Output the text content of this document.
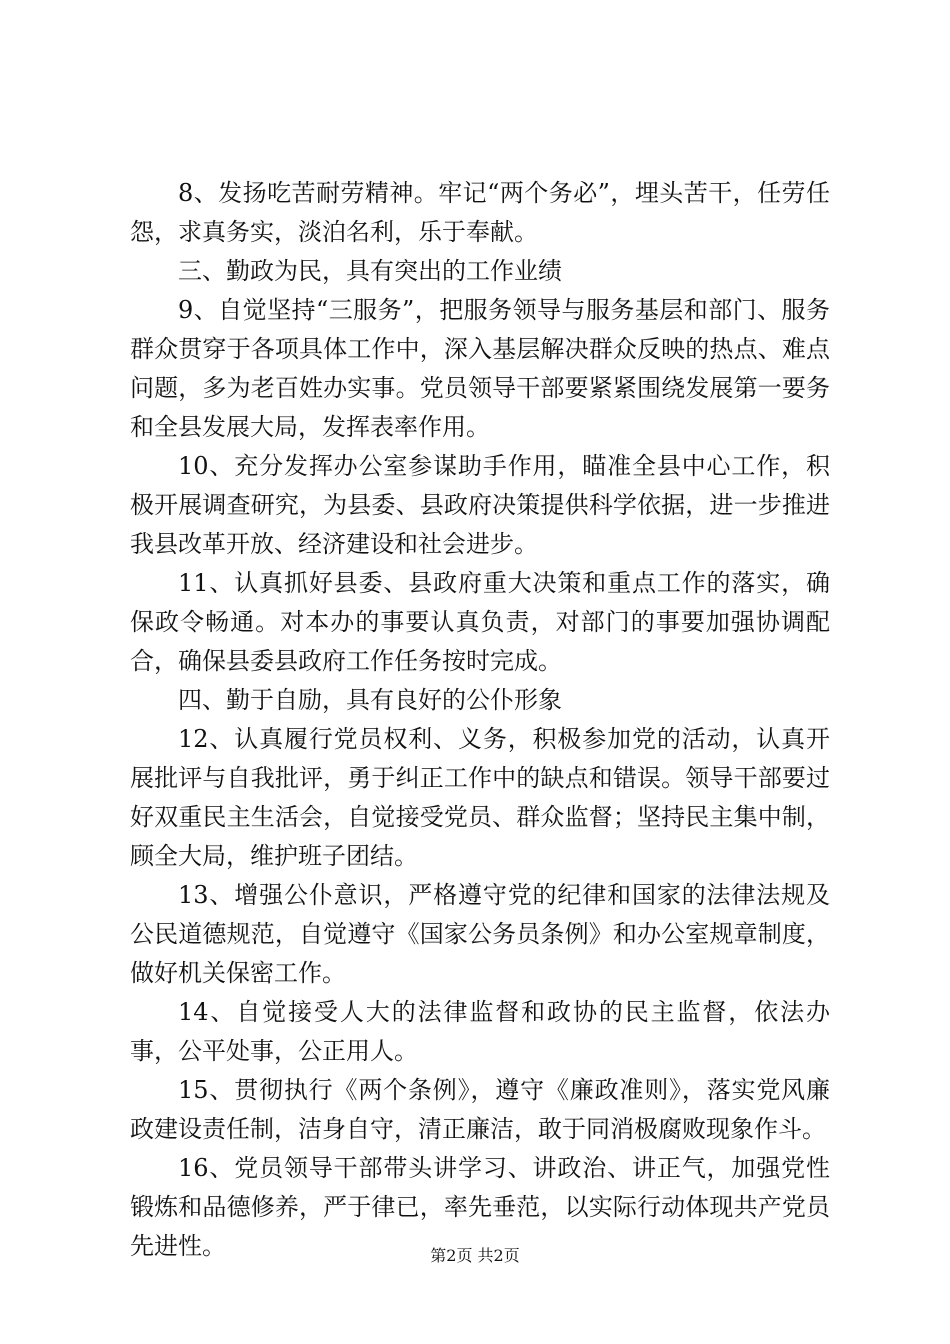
8、发扬吃苦耐劳精神。牢记“两个务必”，埋头苦干，任劳任怨，求真务实，淡泊名利，乐于奉献。

三、勤政为民，具有突出的工作业绩

9、自觉坚持“三服务”，把服务领导与服务基层和部门、服务群众贯穿于各项具体工作中，深入基层解决群众反映的热点、难点问题，多为老百姓办实事。党员领导干部要紧紧围绕发展第一要务和全县发展大局，发挥表率作用。

10、充分发挥办公室参谋助手作用，瞄准全县中心工作，积极开展调查研究，为县委、县政府决策提供科学依据，进一步推进我县改革开放、经济建设和社会进步。

11、认真抓好县委、县政府重大决策和重点工作的落实，确保政令畅通。对本办的事要认真负责，对部门的事要加强协调配合，确保县委县政府工作任务按时完成。

四、勤于自励，具有良好的公仆形象

12、认真履行党员权利、义务，积极参加党的活动，认真开展批评与自我批评，勇于纠正工作中的缺点和错误。领导干部要过好双重民主生活会，自觉接受党员、群众监督；坚持民主集中制，顾全大局，维护班子团结。

13、增强公仆意识，严格遵守党的纪律和国家的法律法规及公民道德规范，自觉遵守《国家公务员条例》和办公室规章制度，做好机关保密工作。

14、自觉接受人大的法律监督和政协的民主监督，依法办事，公平处事，公正用人。

15、贯彻执行《两个条例》，遵守《廉政准则》，落实党风廉政建设责任制，洁身自守，清正廉洁，敢于同消极腐败现象作斗。

16、党员领导干部带头讲学习、讲政治、讲正气，加强党性锻炼和品德修养，严于律已，率先垂范，以实际行动体现共产党员先进性。	第2页 共2页
